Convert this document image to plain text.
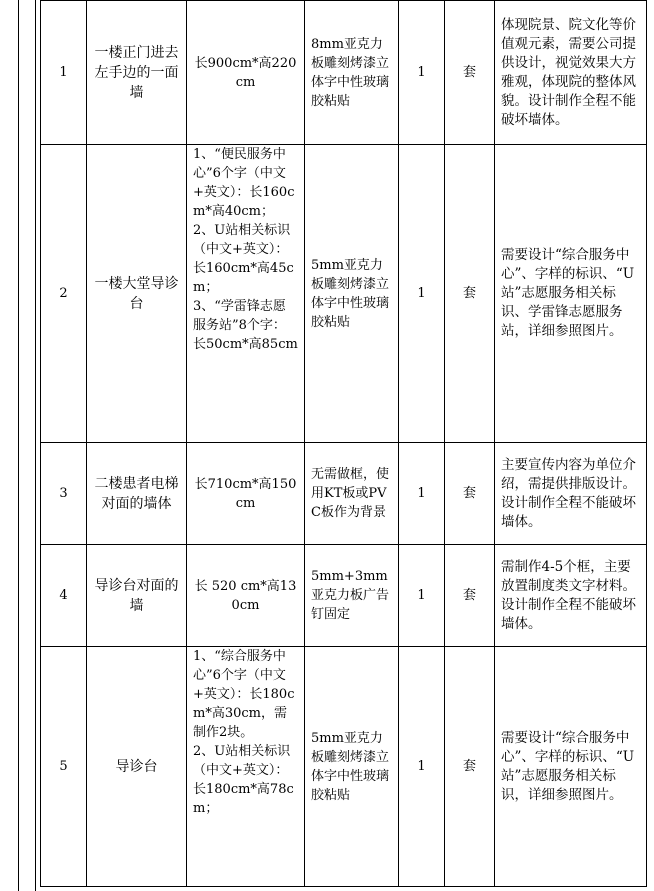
1	一楼正门进去左手边的一面墙	长900cm*高220cm	8mm亚克力板雕刻烤漆立体字中性玻璃胶粘贴	1	套	体现院景、院文化等价值观元素，需要公司提供设计，视觉效果大方雅观，体现院的整体风貌。设计制作全程不能破坏墙体。
2	一楼大堂导诊台	1、“便民服务中心”6个字（中文+英文）：长160cm*高40cm；
2、U站相关标识（中文+英文）：长160cm*高45cm；
3、“学雷锋志愿服务站”8个字：长50cm*高85cm	5mm亚克力板雕刻烤漆立体字中性玻璃胶粘贴	1	套	需要设计“综合服务中心”、字样的标识、“U站”志愿服务相关标识、学雷锋志愿服务站，详细参照图片。
3	二楼患者电梯对面的墙体	长710cm*高150cm	无需做框，使用KT板或PVC板作为背景	1	套	主要宣传内容为单位介绍，需提供排版设计。设计制作全程不能破坏墙体。
4	导诊台对面的墙	长 520 cm*高130cm	5mm+3mm亚克力板广告钉固定	1	套	需制作4-5个框，主要放置制度类文字材料。设计制作全程不能破坏墙体。
5	导诊台	1、“综合服务中心”6个字（中文+英文）：长180cm*高30cm，需制作2块。
2、U站相关标识（中文+英文）：长180cm*高78cm；	5mm亚克力板雕刻烤漆立体字中性玻璃胶粘贴	1	套	需要设计“综合服务中心”、字样的标识、“U站”志愿服务相关标识，详细参照图片。
